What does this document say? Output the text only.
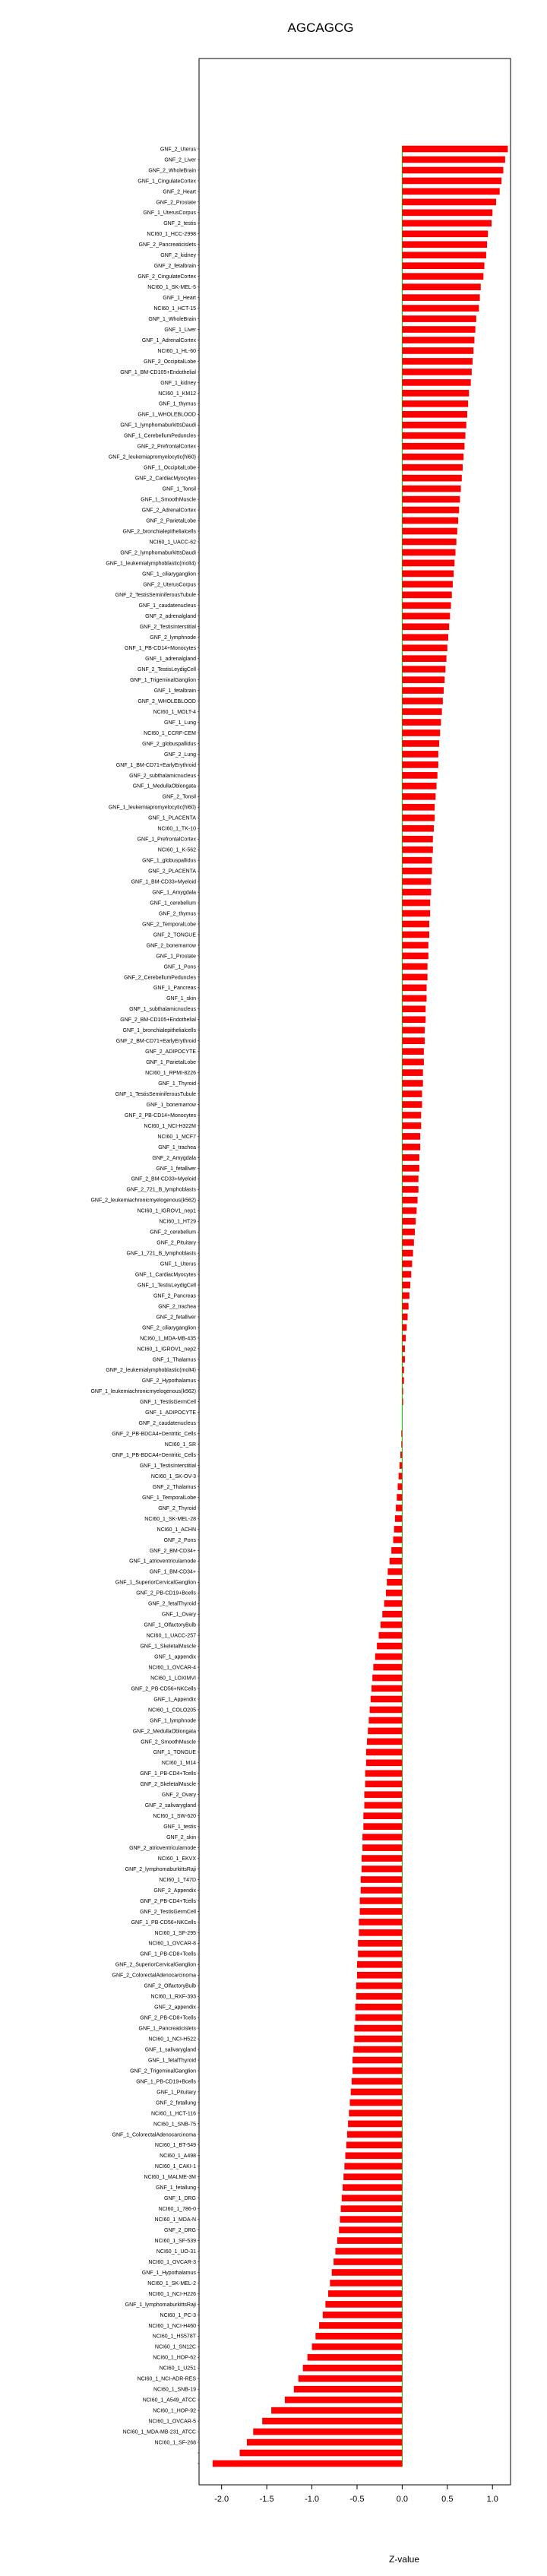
AGCAGCG
GNF_2_Uterus
GNF_2_Liver
GNF_2_WholeBrain
GNF_1_CingulateCortex
GNF_2_Heart
GNF_2_Prostate
GNF_1_UterusCorpus
GNF_2_testis
NCI60_1_HCC-2998
GNF_2_Pancreaticislets
GNF_2_kidney
GNF_2_fetalbrain
GNF_2_CingulateCortex
NCI60_1_SK-MEL-5
GNF_1_Heart
NCI60_1_HCT-15
GNF_1_WholeBrain
GNF_1_Liver
GNF_1_AdrenalCortex
NCI60_1_HL-60
GNF_2_OccipitalLobe
GNF_1_BM-CD105+Endothelial
GNF_1_kidney
NCI60_1_KM12
GNF_1_thymus
GNF_1_WHOLEBLOOD
GNF_1_lymphomaburkittsDaudi
GNF_1_CerebellumPeduncles
GNF_2_PrefrontalCortex
GNF_2_leukemiapromyelocytic(hl60)
GNF_1_OccipitalLobe
GNF_2_CardiacMyocytes
GNF_1_Tonsil
GNF_1_SmoothMuscle
GNF_2_AdrenalCortex
GNF_2_ParietalLobe
GNF_2_bronchialepithelialcells
NCI60_1_UACC-62
GNF_2_lymphomaburkittsDaudi
GNF_1_leukemialymphoblastic(molt4)
GNF_1_ciliaryganglion
GNF_2_UterusCorpus
GNF_2_TestisSeminiferousTubule
GNF_1_caudatenucleus
GNF_2_adrenalgland
GNF_2_TestisInterstitial
GNF_2_lymphnode
GNF_1_PB-CD14+Monocytes
GNF_1_adrenalgland
GNF_2_TestisLeydigCell
GNF_1_TrigeminalGanglion
GNF_1_fetalbrain
GNF_2_WHOLEBLOOD
NCI60_1_MOLT-4
GNF_1_Lung
NCI60_1_CCRF-CEM
GNF_2_globuspallidus
GNF_2_Lung
GNF_1_BM-CD71+EarlyErythroid
GNF_2_subthalamicnucleus
GNF_1_MedullaOblongata
GNF_2_Tonsil
GNF_1_leukemiapromyelocytic(hl60)
GNF_1_PLACENTA
NCI60_1_TK-10
GNF_1_PrefrontalCortex
NCI60_1_K-562
GNF_1_globuspallidus
GNF_2_PLACENTA
GNF_1_BM-CD33+Myeloid
GNF_1_Amygdala
GNF_1_cerebellum
GNF_2_thymus
GNF_2_TemporalLobe
GNF_2_TONGUE
GNF_2_bonemarrow
GNF_1_Prostate
GNF_1_Pons
GNF_2_CerebellumPeduncles
GNF_1_Pancreas
GNF_1_skin
GNF_1_subthalamicnucleus
GNF_2_BM-CD105+Endothelial
GNF_1_bronchialepithelialcells
GNF_2_BM-CD71+EarlyErythroid
GNF_2_ADIPOCYTE
GNF_1_ParietalLobe
NCI60_1_RPMI-8226
GNF_1_Thyroid
GNF_1_TestisSeminiferousTubule
GNF_1_bonemarrow
GNF_2_PB-CD14+Monocytes
NCI60_1_NCI-H322M
NCI60_1_MCF7
GNF_1_trachea
GNF_2_Amygdala
GNF_1_fetalliver
GNF_2_BM-CD33+Myeloid
GNF_2_721_B_lymphoblasts
GNF_2_leukemiachronicmyelogenous(k562)
NCI60_1_IGROV1_nep1
NCI60_1_HT29
GNF_2_cerebellum
GNF_2_Pituitary
GNF_1_721_B_lymphoblasts
GNF_1_Uterus
GNF_1_CardiacMyocytes
GNF_1_TestisLeydigCell
GNF_2_Pancreas
GNF_2_trachea
GNF_2_fetalliver
GNF_2_ciliaryganglion
NCI60_1_MDA-MB-435
NCI60_1_IGROV1_nep2
GNF_1_Thalamus
GNF_2_leukemialymphoblastic(molt4)
GNF_2_Hypothalamus
GNF_1_leukemiachronicmyelogenous(k562)
GNF_1_TestisGermCell
GNF_1_ADIPOCYTE
GNF_2_caudatenucleus
GNF_2_PB-BDCA4+Dentritic_Cells
NCI60_1_SR
GNF_1_PB-BDCA4+Dentritic_Cells
GNF_1_TestisInterstitial
NCI60_1_SK-OV-3
GNF_2_Thalamus
GNF_1_TemporalLobe
GNF_2_Thyroid
NCI60_1_SK-MEL-28
NCI60_1_ACHN
GNF_2_Pons
GNF_2_BM-CD34+
GNF_1_atrioventricularnode
GNF_1_BM-CD34+
GNF_1_SuperiorCervicalGanglion
GNF_2_PB-CD19+Bcells
GNF_2_fetalThyroid
GNF_1_Ovary
GNF_1_OlfactoryBulb
NCI60_1_UACC-257
GNF_1_SkeletalMuscle
GNF_1_appendix
NCI60_1_OVCAR-4
NCI60_1_LOXIMVI
GNF_2_PB-CD56+NKCells
GNF_1_Appendix
NCI60_1_COLO205
GNF_1_lymphnode
GNF_2_MedullaOblongata
GNF_2_SmoothMuscle
GNF_1_TONGUE
NCI60_1_M14
GNF_1_PB-CD4+Tcells
GNF_2_SkeletalMuscle
GNF_2_Ovary
GNF_2_salivarygland
NCI60_1_SW-620
GNF_1_testis
GNF_2_skin
GNF_2_atrioventricularnode
NCI60_1_EKVX
GNF_2_lymphomaburkittsRaji
NCI60_1_T47D
GNF_2_Appendix
GNF_2_PB-CD4+Tcells
GNF_2_TestisGermCell
GNF_1_PB-CD56+NKCells
NCI60_1_SF-295
NCI60_1_OVCAR-8
GNF_1_PB-CD8+Tcells
GNF_2_SuperiorCervicalGanglion
GNF_2_ColorectalAdenocarcinoma
GNF_2_OlfactoryBulb
NCI60_1_RXF-393
GNF_2_appendix
GNF_2_PB-CD8+Tcells
GNF_1_Pancreaticislets
NCI60_1_NCI-H522
GNF_1_salivarygland
GNF_1_fetalThyroid
GNF_2_TrigeminalGanglion
GNF_1_PB-CD19+Bcells
GNF_1_Pituitary
GNF_2_fetallung
NCI60_1_HCT-116
NCI60_1_SNB-75
GNF_1_ColorectalAdenocarcinoma
NCI60_1_BT-549
NCI60_1_A498
NCI60_1_CAKI-1
NCI60_1_MALME-3M
GNF_1_fetallung
GNF_1_DRG
NCI60_1_786-0
NCI60_1_MDA-N
GNF_2_DRG
NCI60_1_SF-539
NCI60_1_UO-31
NCI60_1_OVCAR-3
GNF_1_Hypothalamus
NCI60_1_SK-MEL-2
NCI60_1_NCI-H226
GNF_1_lymphomaburkittsRaji
NCI60_1_PC-3
NCI60_1_NCI-H460
NCI60_1_HS578T
NCI60_1_SN12C
NCI60_1_HOP-62
NCI60_1_U251
NCI60_1_NCI-ADR-RES
NCI60_1_SNB-19
NCI60_1_A549_ATCC
NCI60_1_HOP-92
NCI60_1_OVCAR-5
NCI60_1_MDA-MB-231_ATCC
NCI60_1_SF-268
-2.0	-1.5	-1.0	-0.5	0.0	0.5	1.0
Z-value
